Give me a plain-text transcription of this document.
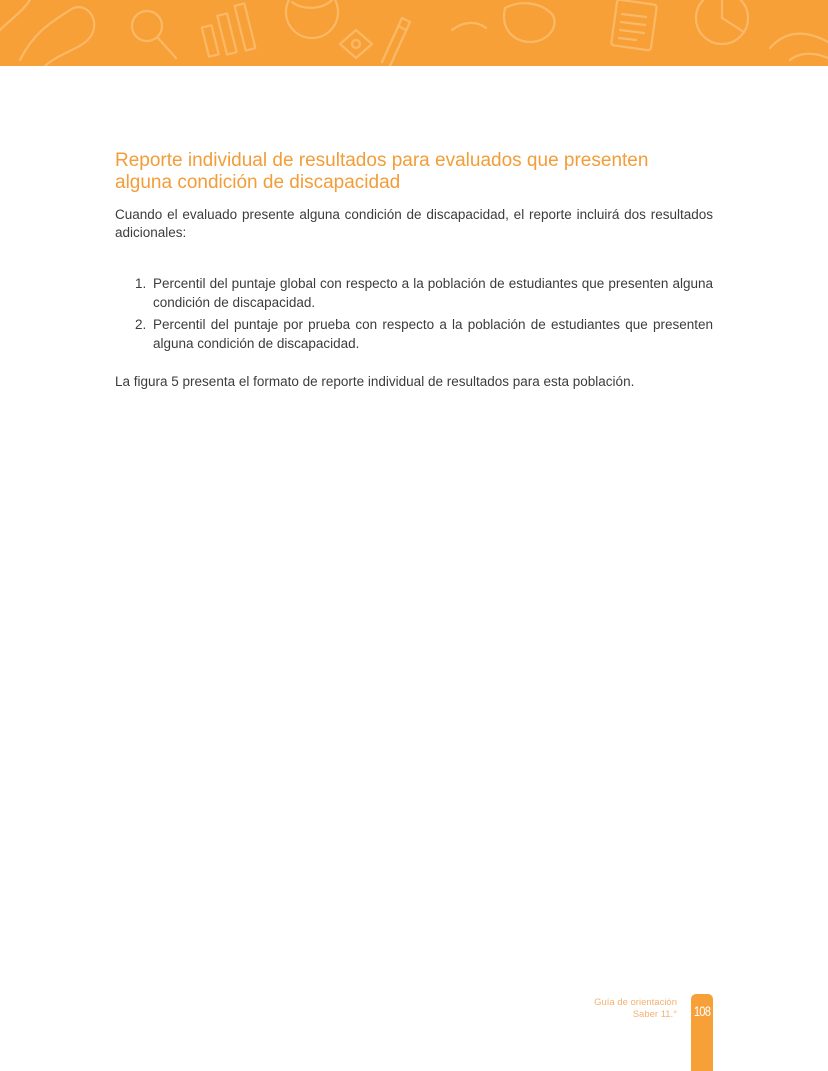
Reporte individual de resultados para evaluados que presenten alguna condición de discapacidad

Cuando el evaluado presente alguna condición de discapacidad, el reporte incluirá dos resultados adicionales:

1. Percentil del puntaje global con respecto a la población de estudiantes que presenten alguna condición de discapacidad.
2. Percentil del puntaje por prueba con respecto a la población de estudiantes que presenten alguna condición de discapacidad.

La figura 5 presenta el formato de reporte individual de resultados para esta población.

Guía de orientación
Saber 11.° 108
